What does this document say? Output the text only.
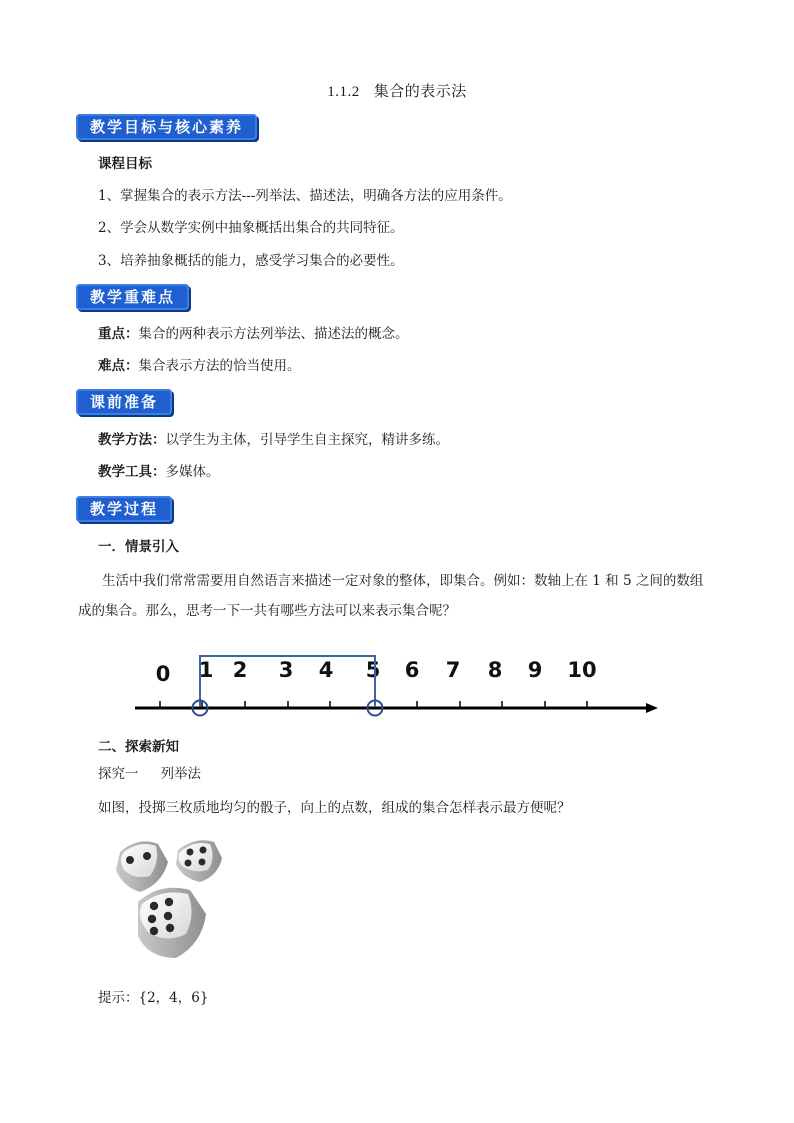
1.1.2 集合的表示法
教学目标与核心素养
课程目标
1、掌握集合的表示方法---列举法、描述法，明确各方法的应用条件。
2、学会从数学实例中抽象概括出集合的共同特征。
3、培养抽象概括的能力，感受学习集合的必要性。
教学重难点
重点：集合的两种表示方法列举法、描述法的概念。
难点：集合表示方法的恰当使用。
课前准备
教学方法：以学生为主体，引导学生自主探究，精讲多练。
教学工具：多媒体。
教学过程
一．情景引入
生活中我们常常需要用自然语言来描述一定对象的整体，即集合。例如：数轴上在 1 和 5 之间的数组
成的集合。那么，思考一下一共有哪些方法可以来表示集合呢？
0 1 2 3 4 5 6 7 8 9 10
二、探索新知
探究一 列举法
如图，投掷三枚质地均匀的骰子，向上的点数，组成的集合怎样表示最方便呢？
提示：{2，4，6}
